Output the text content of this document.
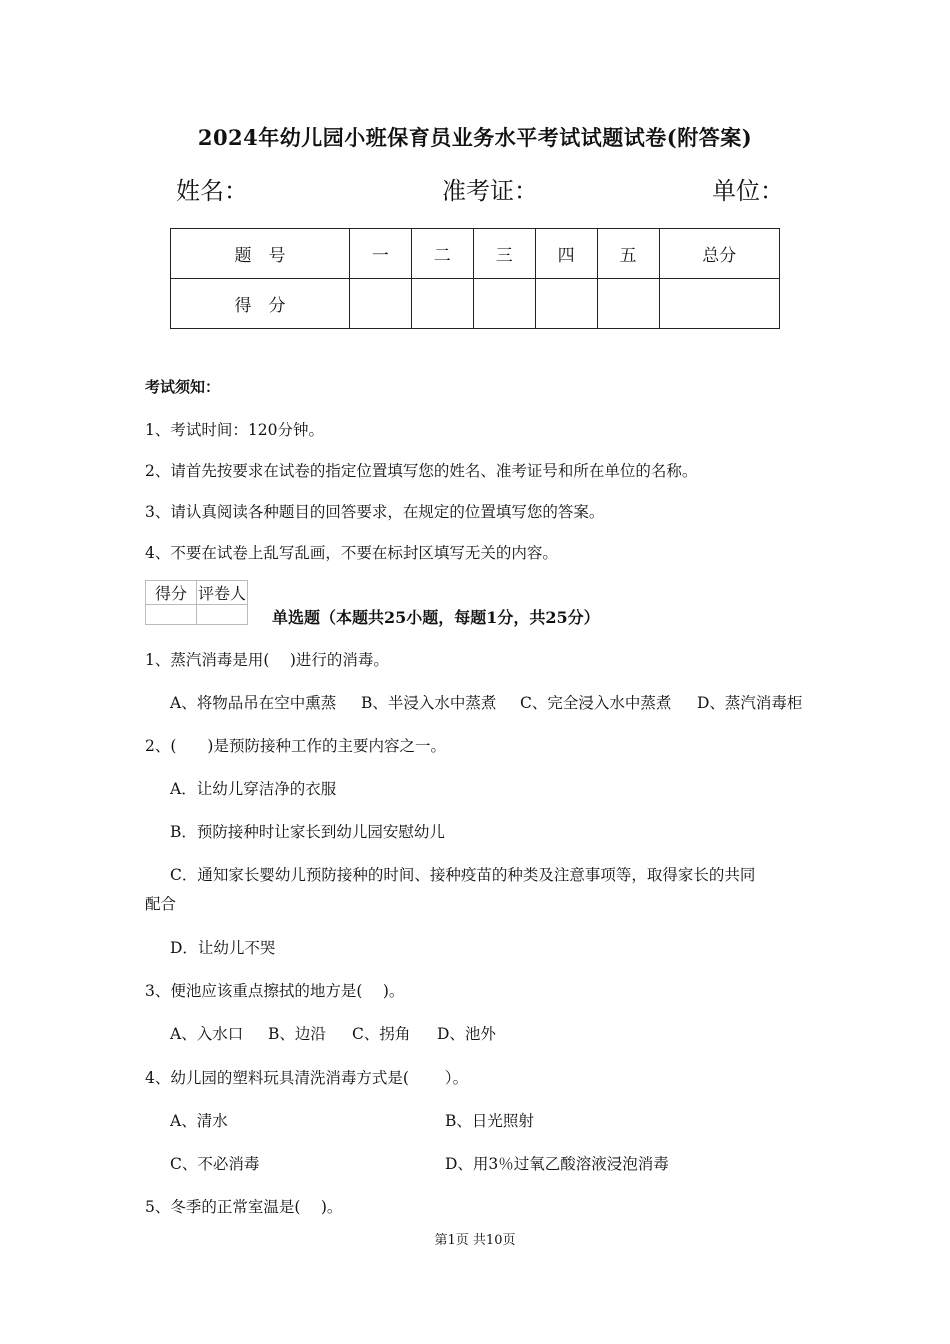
2024年幼儿园小班保育员业务水平考试试题试卷(附答案)
姓名：	准考证：	单位：
题　号	一	二	三	四	五	总分
得　分						
考试须知：
1、考试时间：120分钟。
2、请首先按要求在试卷的指定位置填写您的姓名、准考证号和所在单位的名称。
3、请认真阅读各种题目的回答要求，在规定的位置填写您的答案。
4、不要在试卷上乱写乱画，不要在标封区填写无关的内容。
得分	评卷人

单选题（本题共25小题，每题1分，共25分）
1、蒸汽消毒是用(　 )进行的消毒。
A、将物品吊在空中熏蒸 B、半浸入水中蒸煮 C、完全浸入水中蒸煮 D、蒸汽消毒柜
2、(　　)是预防接种工作的主要内容之一。
A．让幼儿穿洁净的衣服
B．预防接种时让家长到幼儿园安慰幼儿
C．通知家长婴幼儿预防接种的时间、接种疫苗的种类及注意事项等，取得家长的共同
配合
D．让幼儿不哭
3、便池应该重点擦拭的地方是(　 )。
A、入水口 B、边沿 C、拐角 D、池外
4、幼儿园的塑料玩具清洗消毒方式是(　　 ）。
A、清水	B、日光照射
C、不必消毒	D、用3％过氧乙酸溶液浸泡消毒
5、冬季的正常室温是(　 )。
第1页 共10页
